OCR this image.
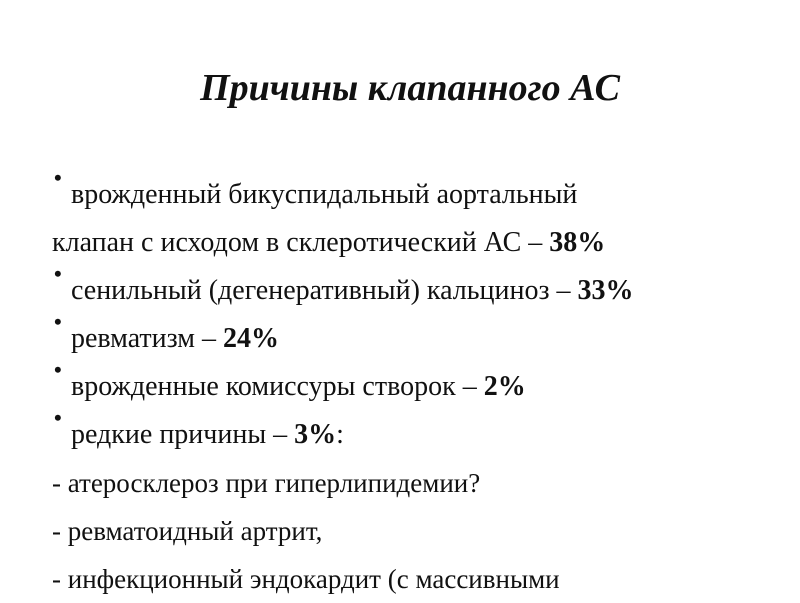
Причины клапанного АС
•
врожденный бикуспидальный аортальный
клапан с исходом в склеротический АС – 38%
•
сенильный (дегенеративный) кальциноз – 33%
•
ревматизм – 24%
•
врожденные комиссуры створок – 2%
•
редкие причины – 3%:
- атеросклероз при гиперлипидемии?
- ревматоидный артрит,
- инфекционный эндокардит (с массивными
